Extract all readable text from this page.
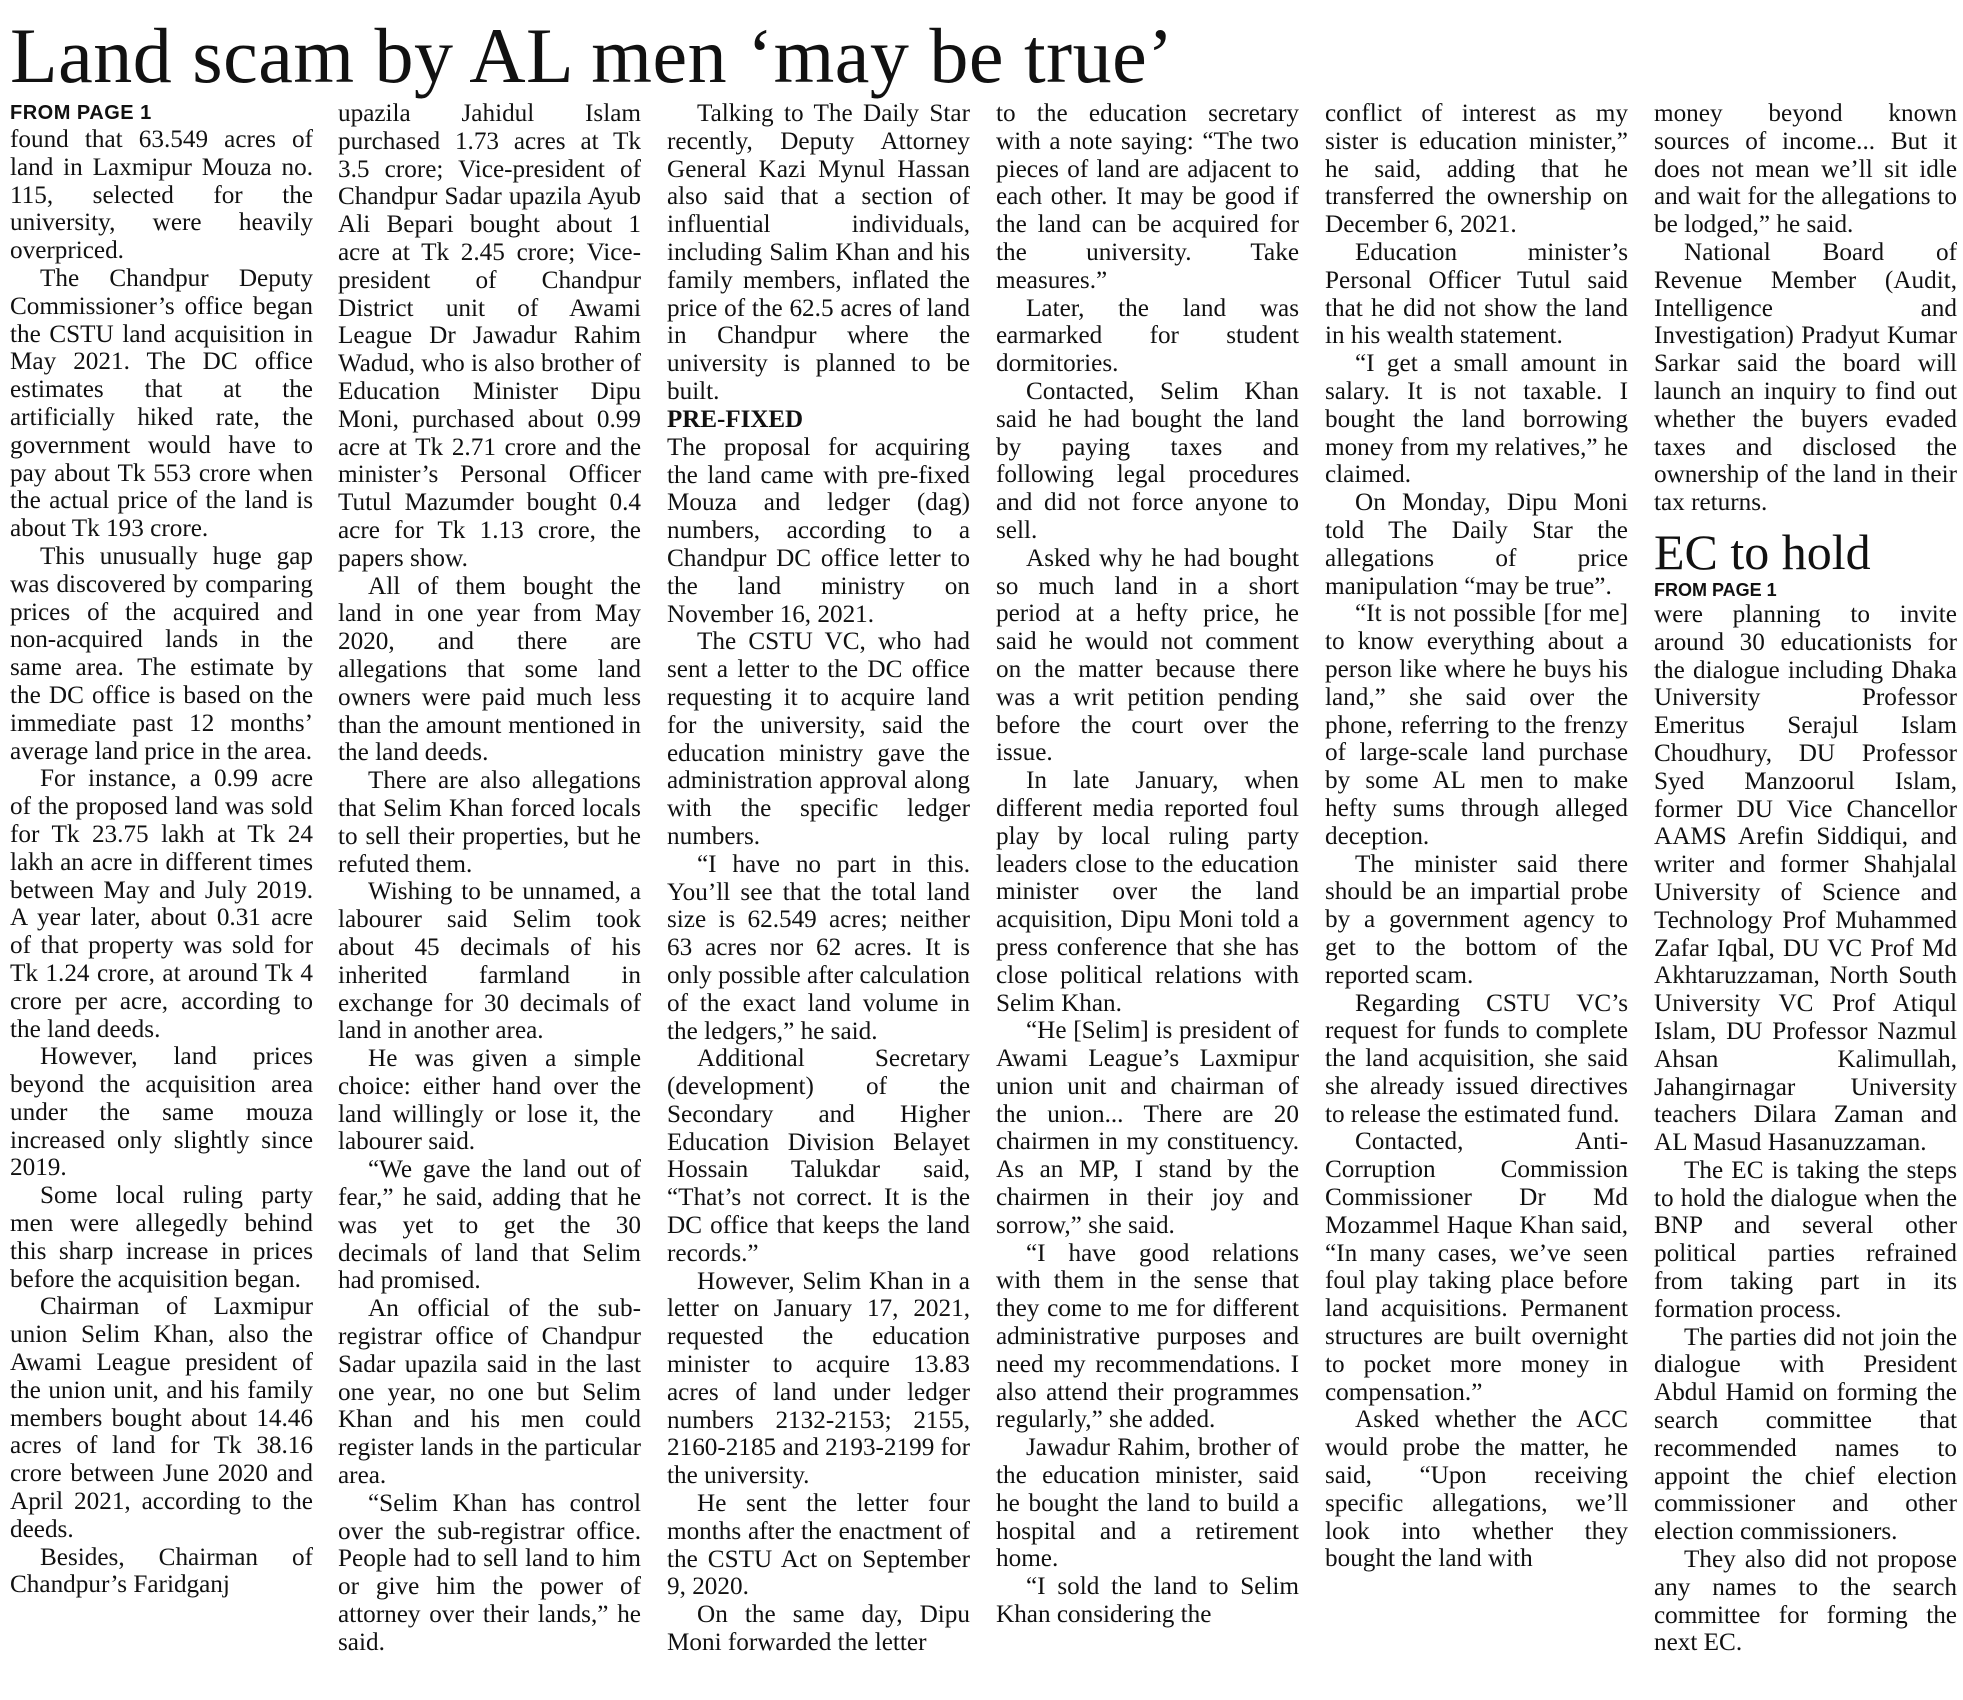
Land scam by AL men ‘may be true’
FROM PAGE 1

found that 63.549 acres of land in Laxmipur Mouza no. 115, selected for the university, were heavily overpriced.

The Chandpur Deputy Commissioner’s office began the CSTU land acquisition in May 2021. The DC office estimates that at the artificially hiked rate, the government would have to pay about Tk 553 crore when the actual price of the land is about Tk 193 crore.

This unusually huge gap was discovered by comparing prices of the acquired and non-acquired lands in the same area. The estimate by the DC office is based on the immediate past 12 months’ average land price in the area.

For instance, a 0.99 acre of the proposed land was sold for Tk 23.75 lakh at Tk 24 lakh an acre in different times between May and July 2019. A year later, about 0.31 acre of that property was sold for Tk 1.24 crore, at around Tk 4 crore per acre, according to the land deeds.

However, land prices beyond the acquisition area under the same mouza increased only slightly since 2019.

Some local ruling party men were allegedly behind this sharp increase in prices before the acquisition began.

Chairman of Laxmipur union Selim Khan, also the Awami League president of the union unit, and his family members bought about 14.46 acres of land for Tk 38.16 crore between June 2020 and April 2021, according to the deeds.

Besides, Chairman of Chandpur’s Faridganj

upazila Jahidul Islam purchased 1.73 acres at Tk 3.5 crore; Vice-president of Chandpur Sadar upazila Ayub Ali Bepari bought about 1 acre at Tk 2.45 crore; Vice-president of Chandpur District unit of Awami League Dr Jawadur Rahim Wadud, who is also brother of Education Minister Dipu Moni, purchased about 0.99 acre at Tk 2.71 crore and the minister’s Personal Officer Tutul Mazumder bought 0.4 acre for Tk 1.13 crore, the papers show.

All of them bought the land in one year from May 2020, and there are allegations that some land owners were paid much less than the amount mentioned in the land deeds.

There are also allegations that Selim Khan forced locals to sell their properties, but he refuted them.

Wishing to be unnamed, a labourer said Selim took about 45 decimals of his inherited farmland in exchange for 30 decimals of land in another area.

He was given a simple choice: either hand over the land willingly or lose it, the labourer said.

“We gave the land out of fear,” he said, adding that he was yet to get the 30 decimals of land that Selim had promised.

An official of the sub-registrar office of Chandpur Sadar upazila said in the last one year, no one but Selim Khan and his men could register lands in the particular area.

“Selim Khan has control over the sub-registrar office. People had to sell land to him or give him the power of attorney over their lands,” he said.

Talking to The Daily Star recently, Deputy Attorney General Kazi Mynul Hassan also said that a section of influential individuals, including Salim Khan and his family members, inflated the price of the 62.5 acres of land in Chandpur where the university is planned to be built.

PRE-FIXED

The proposal for acquiring the land came with pre-fixed Mouza and ledger (dag) numbers, according to a Chandpur DC office letter to the land ministry on November 16, 2021.

The CSTU VC, who had sent a letter to the DC office requesting it to acquire land for the university, said the education ministry gave the administration approval along with the specific ledger numbers.

“I have no part in this. You’ll see that the total land size is 62.549 acres; neither 63 acres nor 62 acres. It is only possible after calculation of the exact land volume in the ledgers,” he said.

Additional Secretary (development) of the Secondary and Higher Education Division Belayet Hossain Talukdar said, “That’s not correct. It is the DC office that keeps the land records.”

However, Selim Khan in a letter on January 17, 2021, requested the education minister to acquire 13.83 acres of land under ledger numbers 2132-2153; 2155, 2160-2185 and 2193-2199 for the university.

He sent the letter four months after the enactment of the CSTU Act on September 9, 2020.

On the same day, Dipu Moni forwarded the letter

to the education secretary with a note saying: “The two pieces of land are adjacent to each other. It may be good if the land can be acquired for the university. Take measures.”

Later, the land was earmarked for student dormitories.

Contacted, Selim Khan said he had bought the land by paying taxes and following legal procedures and did not force anyone to sell.

Asked why he had bought so much land in a short period at a hefty price, he said he would not comment on the matter because there was a writ petition pending before the court over the issue.

In late January, when different media reported foul play by local ruling party leaders close to the education minister over the land acquisition, Dipu Moni told a press conference that she has close political relations with Selim Khan.

“He [Selim] is president of Awami League’s Laxmipur union unit and chairman of the union... There are 20 chairmen in my constituency. As an MP, I stand by the chairmen in their joy and sorrow,” she said.

“I have good relations with them in the sense that they come to me for different administrative purposes and need my recommendations. I also attend their programmes regularly,” she added.

Jawadur Rahim, brother of the education minister, said he bought the land to build a hospital and a retirement home.

“I sold the land to Selim Khan considering the

conflict of interest as my sister is education minister,” he said, adding that he transferred the ownership on December 6, 2021.

Education minister’s Personal Officer Tutul said that he did not show the land in his wealth statement.

“I get a small amount in salary. It is not taxable. I bought the land borrowing money from my relatives,” he claimed.

On Monday, Dipu Moni told The Daily Star the allegations of price manipulation “may be true”.

“It is not possible [for me] to know everything about a person like where he buys his land,” she said over the phone, referring to the frenzy of large-scale land purchase by some AL men to make hefty sums through alleged deception.

The minister said there should be an impartial probe by a government agency to get to the bottom of the reported scam.

Regarding CSTU VC’s request for funds to complete the land acquisition, she said she already issued directives to release the estimated fund.

Contacted, Anti-Corruption Commission Commissioner Dr Md Mozammel Haque Khan said, “In many cases, we’ve seen foul play taking place before land acquisitions. Permanent structures are built overnight to pocket more money in compensation.”

Asked whether the ACC would probe the matter, he said, “Upon receiving specific allegations, we’ll look into whether they bought the land with

money beyond known sources of income... But it does not mean we’ll sit idle and wait for the allegations to be lodged,” he said.

National Board of Revenue Member (Audit, Intelligence and Investigation) Pradyut Kumar Sarkar said the board will launch an inquiry to find out whether the buyers evaded taxes and disclosed the ownership of the land in their tax returns.

EC to hold
FROM PAGE 1

were planning to invite around 30 educationists for the dialogue including Dhaka University Professor Emeritus Serajul Islam Choudhury, DU Professor Syed Manzoorul Islam, former DU Vice Chancellor AAMS Arefin Siddiqui, and writer and former Shahjalal University of Science and Technology Prof Muhammed Zafar Iqbal, DU VC Prof Md Akhtaruzzaman, North South University VC Prof Atiqul Islam, DU Professor Nazmul Ahsan Kalimullah, Jahangirnagar University teachers Dilara Zaman and AL Masud Hasanuzzaman.

The EC is taking the steps to hold the dialogue when the BNP and several other political parties refrained from taking part in its formation process.

The parties did not join the dialogue with President Abdul Hamid on forming the search committee that recommended names to appoint the chief election commissioner and other election commissioners.

They also did not propose any names to the search committee for forming the next EC.
